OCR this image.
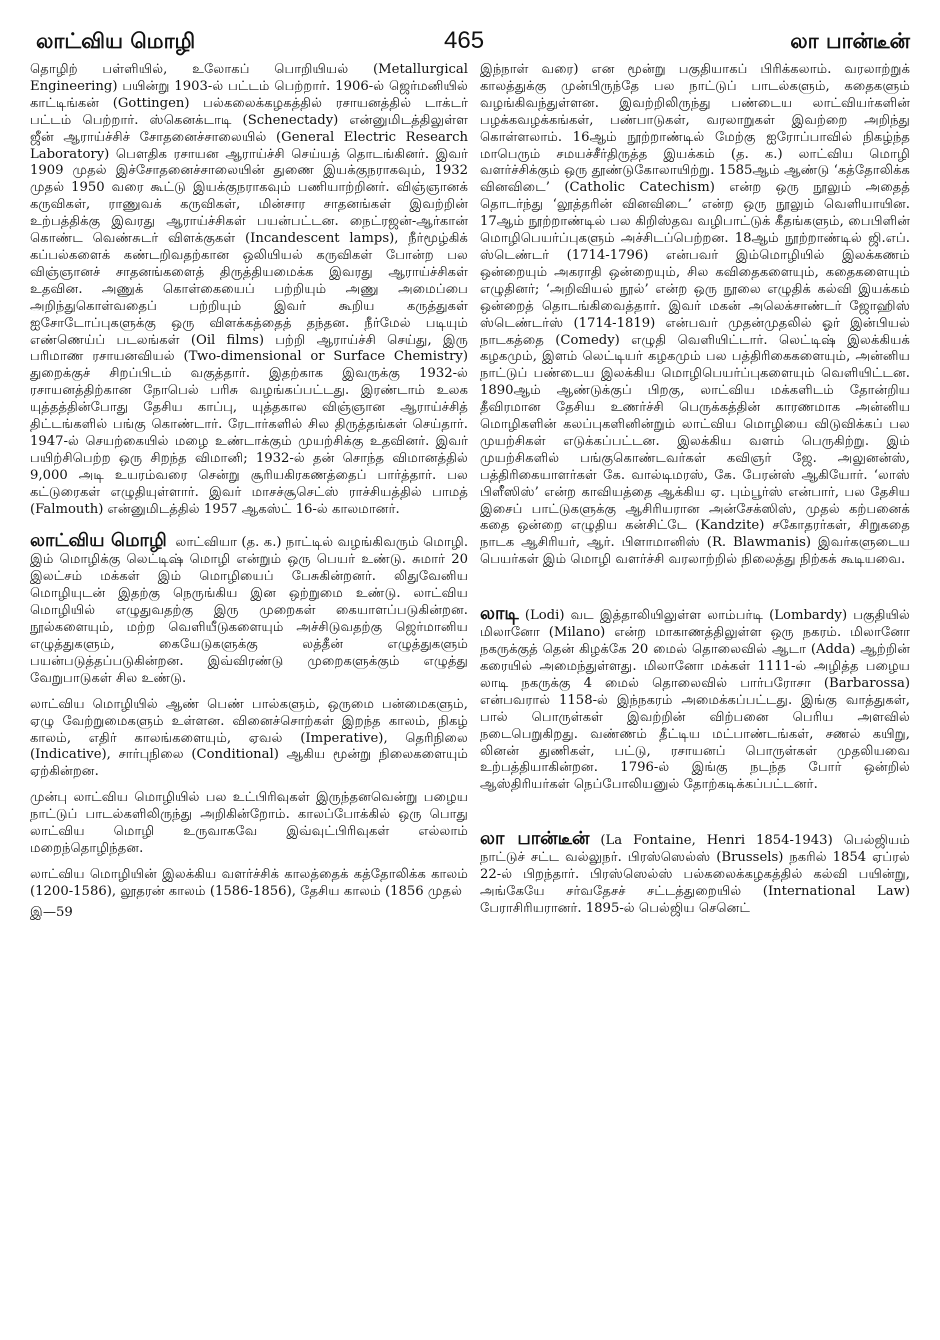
லாட்விய மொழி	465	லா பான்டீன்

தொழிற் பள்ளியில், உலோகப் பொறியியல் (Metallurgical Engineering) பயின்று 1903-ல் பட்டம் பெற்றார். 1906-ல் ஜெர்மனியில் காட்டிங்கன் (Gottingen) பல்கலைக்கழகத்தில் ரசாயனத்தில் டாக்டர் பட்டம் பெற்றார். ஸ்கெனக்டாடி (Schenectady) என்னுமிடத்திலுள்ள ஜீன் ஆராய்ச்சிச் சோதனைச்சாலையில் (General Electric Research Laboratory) பௌதிக ரசாயன ஆராய்ச்சி செய்யத் தொடங்கினர். இவர் 1909 முதல் இச்சோதனைச்சாலையின் துணை இயக்குநராகவும், 1932 முதல் 1950 வரை கூட்டு இயக்குநராகவும் பணியாற்றினர். விஞ்ஞானக் கருவிகள், ராணுவக் கருவிகள், மின்சார சாதனங்கள் இவற்றின் உற்பத்திக்கு இவரது ஆராய்ச்சிகள் பயன்பட்டன. நைட்ரஜன்-ஆர்கான் கொண்ட வெண்சுடர் விளக்குகள் (Incandescent lamps), நீர்மூழ்கிக் கப்பல்களைக் கண்டறிவதற்கான ஒலியியல் கருவிகள் போன்ற பல விஞ்ஞானச் சாதனங்களைத் திருத்தியமைக்க இவரது ஆராய்ச்சிகள் உதவின. அணுக் கொள்கையைப் பற்றியும் அணு அமைப்பை அறிந்துகொள்வதைப் பற்றியும் இவர் கூறிய கருத்துகள் ஐசோடோப்புகளுக்கு ஒரு விளக்கத்தைத் தந்தன. நீர்மேல் படியும் எண்ணெய்ப் படலங்கள் (Oil films) பற்றி ஆராய்ச்சி செய்து, இரு பரிமாண ரசாயனவியல் (Two-dimensional or Surface Chemistry) துறைக்குச் சிறப்பிடம் வகுத்தார். இதற்காக இவருக்கு 1932-ல் ரசாயனத்திற்கான நோபெல் பரிசு வழங்கப்பட்டது. இரண்டாம் உலக யுத்தத்தின்போது தேசிய காப்பு, யுத்தகால விஞ்ஞான ஆராய்ச்சித் திட்டங்களில் பங்கு கொண்டார். ரேடார்களில் சில திருத்தங்கள் செய்தார். 1947-ல் செயற்கையில் மழை உண்டாக்கும் முயற்சிக்கு உதவினர். இவர் பயிற்சிபெற்ற ஒரு சிறந்த விமானி; 1932-ல் தன் சொந்த விமானத்தில் 9,000 அடி உயரம்வரை சென்று சூரியகிரகணத்தைப் பார்த்தார். பல கட்டுரைகள் எழுதியுள்ளார். இவர் மாசச்சூசெட்ஸ் ராச்சியத்தில் பாமத் (Falmouth) என்னுமிடத்தில் 1957 ஆகஸ்ட் 16-ல் காலமானர்.

லாட்விய மொழி லாட்வியா (த. க.) நாட்டில் வழங்கிவரும் மொழி. இம் மொழிக்கு லெட்டிஷ் மொழி என்றும் ஒரு பெயர் உண்டு. சுமார் 20 இலட்சம் மக்கள் இம் மொழியைப் பேசுகின்றனர். லிதுவேனிய மொழியுடன் இதற்கு நெருங்கிய இன ஒற்றுமை உண்டு. லாட்விய மொழியில் எழுதுவதற்கு இரு முறைகள் கையாளப்படுகின்றன. நூல்களையும், மற்ற வெளியீடுகளையும் அச்சிடுவதற்கு ஜெர்மானிய எழுத்துகளும், கையேடுகளுக்கு லத்தீன் எழுத்துகளும் பயன்படுத்தப்படுகின்றன. இவ்விரண்டு முறைகளுக்கும் எழுத்து வேறுபாடுகள் சில உண்டு.

லாட்விய மொழியில் ஆண் பெண் பால்களும், ஒருமை பன்மைகளும், ஏழு வேற்றுமைகளும் உள்ளன. வினைச்சொற்கள் இறந்த காலம், நிகழ் காலம், எதிர் காலங்களையும், ஏவல் (Imperative), தெரிநிலை (Indicative), சார்புநிலை (Conditional) ஆகிய மூன்று நிலைகளையும் ஏற்கின்றன.

முன்பு லாட்விய மொழியில் பல உட்பிரிவுகள் இருந்தனவென்று பழைய நாட்டுப் பாடல்களிலிருந்து அறிகின்றோம். காலப்போக்கில் ஒரு பொது லாட்விய மொழி உருவாகவே இவ்வுட்பிரிவுகள் எல்லாம் மறைந்தொழிந்தன.

லாட்விய மொழியின் இலக்கிய வளர்ச்சிக் காலத்தைக் கத்தோலிக்க காலம் (1200-1586), லூதரன் காலம் (1586-1856), தேசிய காலம் (1856 முதல்

இ—59

இந்நாள் வரை) என மூன்று பகுதியாகப் பிரிக்கலாம். வரலாற்றுக் காலத்துக்கு முன்பிருந்தே பல நாட்டுப் பாடல்களும், கதைகளும் வழங்கிவந்துள்ளன. இவற்றிலிருந்து பண்டைய லாட்வியர்களின் பழக்கவழக்கங்கள், பண்பாடுகள், வரலாறுகள் இவற்றை அறிந்து கொள்ளலாம். 16ஆம் நூற்றாண்டில் மேற்கு ஐரோப்பாவில் நிகழ்ந்த மாபெரும் சமயச்சீர்திருத்த இயக்கம் (த. க.) லாட்விய மொழி வளர்ச்சிக்கும் ஒரு தூண்டுகோலாயிற்று. 1585ஆம் ஆண்டு ‘கத்தோலிக்க வினவிடை’ (Catholic Catechism) என்ற ஒரு நூலும் அதைத் தொடர்ந்து ‘லூத்தரின் வினவிடை’ என்ற ஒரு நூலும் வெளியாயின. 17ஆம் நூற்றாண்டில் பல கிறிஸ்தவ வழிபாட்டுக் கீதங்களும், பைபிளின் மொழிபெயர்ப்புகளும் அச்சிடப்பெற்றன. 18ஆம் நூற்றாண்டில் ஜி.எப். ஸ்டெண்டர் (1714-1796) என்பவர் இம்மொழியில் இலக்கணம் ஒன்றையும் அகராதி ஒன்றையும், சில கவிதைகளையும், கதைகளையும் எழுதினர்; ‘அறிவியல் நூல்’ என்ற ஒரு நூலை எழுதிக் கல்வி இயக்கம் ஒன்றைத் தொடங்கிவைத்தார். இவர் மகன் அலெக்சாண்டர் ஜோஹிஸ் ஸ்டெண்டர்ஸ் (1714-1819) என்பவர் முதன்முதலில் ஓர் இன்பியல் நாடகத்தை (Comedy) எழுதி வெளியிட்டார். லெட்டிஷ் இலக்கியக் கழகமும், இளம் லெட்டியர் கழகமும் பல பத்திரிகைகளையும், அன்னிய நாட்டுப் பண்டைய இலக்கிய மொழிபெயர்ப்புகளையும் வெளியிட்டன. 1890ஆம் ஆண்டுக்குப் பிறகு, லாட்விய மக்களிடம் தோன்றிய தீவிரமான தேசிய உணர்ச்சி பெருக்கத்தின் காரணமாக அன்னிய மொழிகளின் கலப்புகளினின்றும் லாட்விய மொழியை விடுவிக்கப் பல முயற்சிகள் எடுக்கப்பட்டன. இலக்கிய வளம் பெருகிற்று. இம் முயற்சிகளில் பங்குகொண்டவர்கள் கவிஞர் ஜே. அலுனன்ஸ், பத்திரிகையாளர்கள் கே. வால்டிமரஸ், கே. பேரன்ஸ் ஆகியோர். ‘லாஸ் பிளீஸிஸ்’ என்ற காவியத்தை ஆக்கிய ஏ. பும்பூர்ஸ் என்பார், பல தேசிய இசைப் பாட்டுகளுக்கு ஆசிரியரான அன்சேக்ஸிஸ், முதல் கற்பனைக் கதை ஒன்றை எழுதிய கன்சிட்டே (Kandzite) சகோதரர்கள், சிறுகதை நாடக ஆசிரியர், ஆர். பிளாமானிஸ் (R. Blawmanis) இவர்களுடைய பெயர்கள் இம் மொழி வளர்ச்சி வரலாற்றில் நிலைத்து நிற்கக் கூடியவை.

லாடி (Lodi) வட இத்தாலியிலுள்ள லாம்பர்டி (Lombardy) பகுதியில் மிலானோ (Milano) என்ற மாகாணத்திலுள்ள ஒரு நகரம். மிலானோ நகருக்குத் தென் கிழக்கே 20 மைல் தொலைவில் ஆடா (Adda) ஆற்றின் கரையில் அமைந்துள்ளது. மிலானோ மக்கள் 1111-ல் அழித்த பழைய லாடி நகருக்கு 4 மைல் தொலைவில் பார்பரோசா (Barbarossa) என்பவரால் 1158-ல் இந்நகரம் அமைக்கப்பட்டது. இங்கு வாத்துகள், பால் பொருள்கள் இவற்றின் விற்பனை பெரிய அளவில் நடைபெறுகிறது. வண்ணம் தீட்டிய மட்பாண்டங்கள், சணல் கயிறு, லினன் துணிகள், பட்டு, ரசாயனப் பொருள்கள் முதலியவை உற்பத்தியாகின்றன. 1796-ல் இங்கு நடந்த போர் ஒன்றில் ஆஸ்திரியர்கள் நெப்போலியனுல் தோற்கடிக்கப்பட்டனர்.

லா பான்டீன் (La Fontaine, Henri 1854-1943) பெல்ஜியம் நாட்டுச் சட்ட வல்லுநர். பிரஸ்ஸெல்ஸ் (Brussels) நகரில் 1854 ஏப்ரல் 22-ல் பிறந்தார். பிரஸ்ஸெல்ஸ் பல்கலைக்கழகத்தில் கல்வி பயின்று, அங்கேயே சர்வதேசச் சட்டத்துறையில் (International Law) பேராசிரியரானர். 1895-ல் பெல்ஜிய செனெட்
